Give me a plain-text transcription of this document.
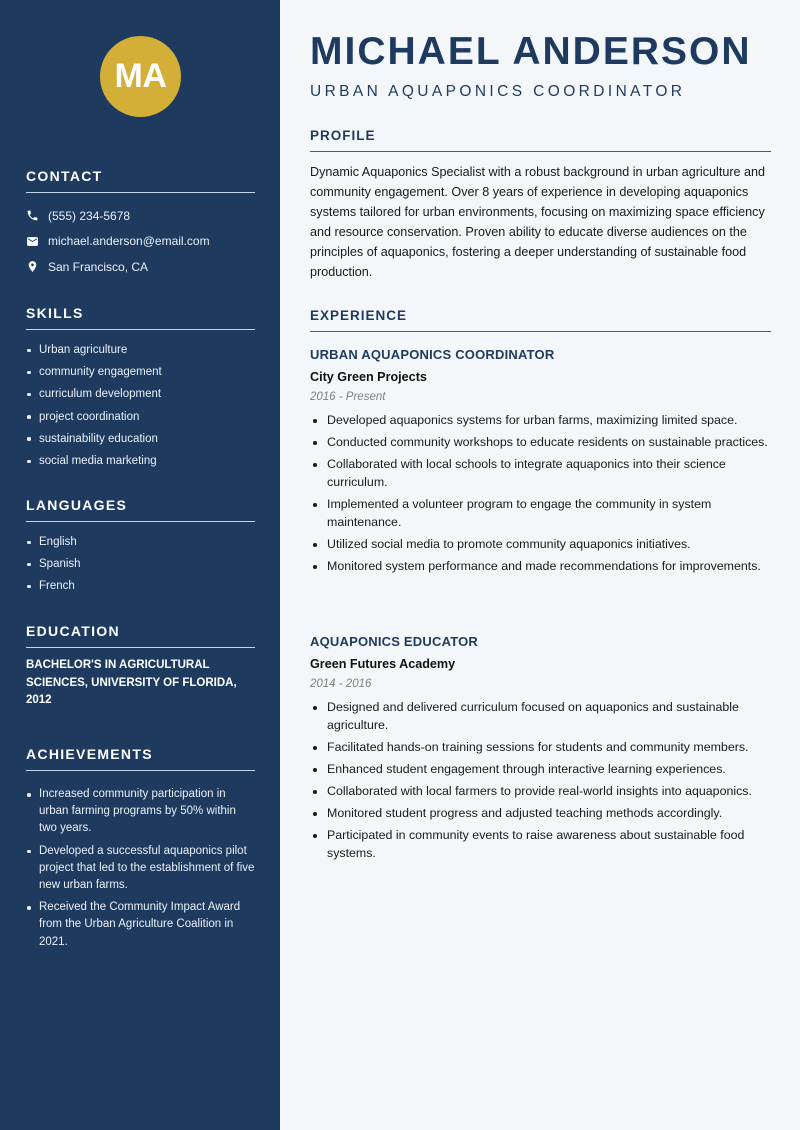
MA
CONTACT
(555) 234-5678
michael.anderson@email.com
San Francisco, CA
SKILLS
Urban agriculture
community engagement
curriculum development
project coordination
sustainability education
social media marketing
LANGUAGES
English
Spanish
French
EDUCATION

BACHELOR'S IN AGRICULTURAL SCIENCES, UNIVERSITY OF FLORIDA, 2012

ACHIEVEMENTS
Increased community participation in urban farming programs by 50% within two years.
Developed a successful aquaponics pilot project that led to the establishment of five new urban farms.
Received the Community Impact Award from the Urban Agriculture Coalition in 2021.
MICHAEL ANDERSON
URBAN AQUAPONICS COORDINATOR
PROFILE

Dynamic Aquaponics Specialist with a robust background in urban agriculture and community engagement. Over 8 years of experience in developing aquaponics systems tailored for urban environments, focusing on maximizing space efficiency and resource conservation. Proven ability to educate diverse audiences on the principles of aquaponics, fostering a deeper understanding of sustainable food production.

EXPERIENCE
URBAN AQUAPONICS COORDINATOR
City Green Projects
2016 - Present
Developed aquaponics systems for urban farms, maximizing limited space.
Conducted community workshops to educate residents on sustainable practices.
Collaborated with local schools to integrate aquaponics into their science curriculum.
Implemented a volunteer program to engage the community in system maintenance.
Utilized social media to promote community aquaponics initiatives.
Monitored system performance and made recommendations for improvements.
AQUAPONICS EDUCATOR
Green Futures Academy
2014 - 2016
Designed and delivered curriculum focused on aquaponics and sustainable agriculture.
Facilitated hands-on training sessions for students and community members.
Enhanced student engagement through interactive learning experiences.
Collaborated with local farmers to provide real-world insights into aquaponics.
Monitored student progress and adjusted teaching methods accordingly.
Participated in community events to raise awareness about sustainable food systems.
